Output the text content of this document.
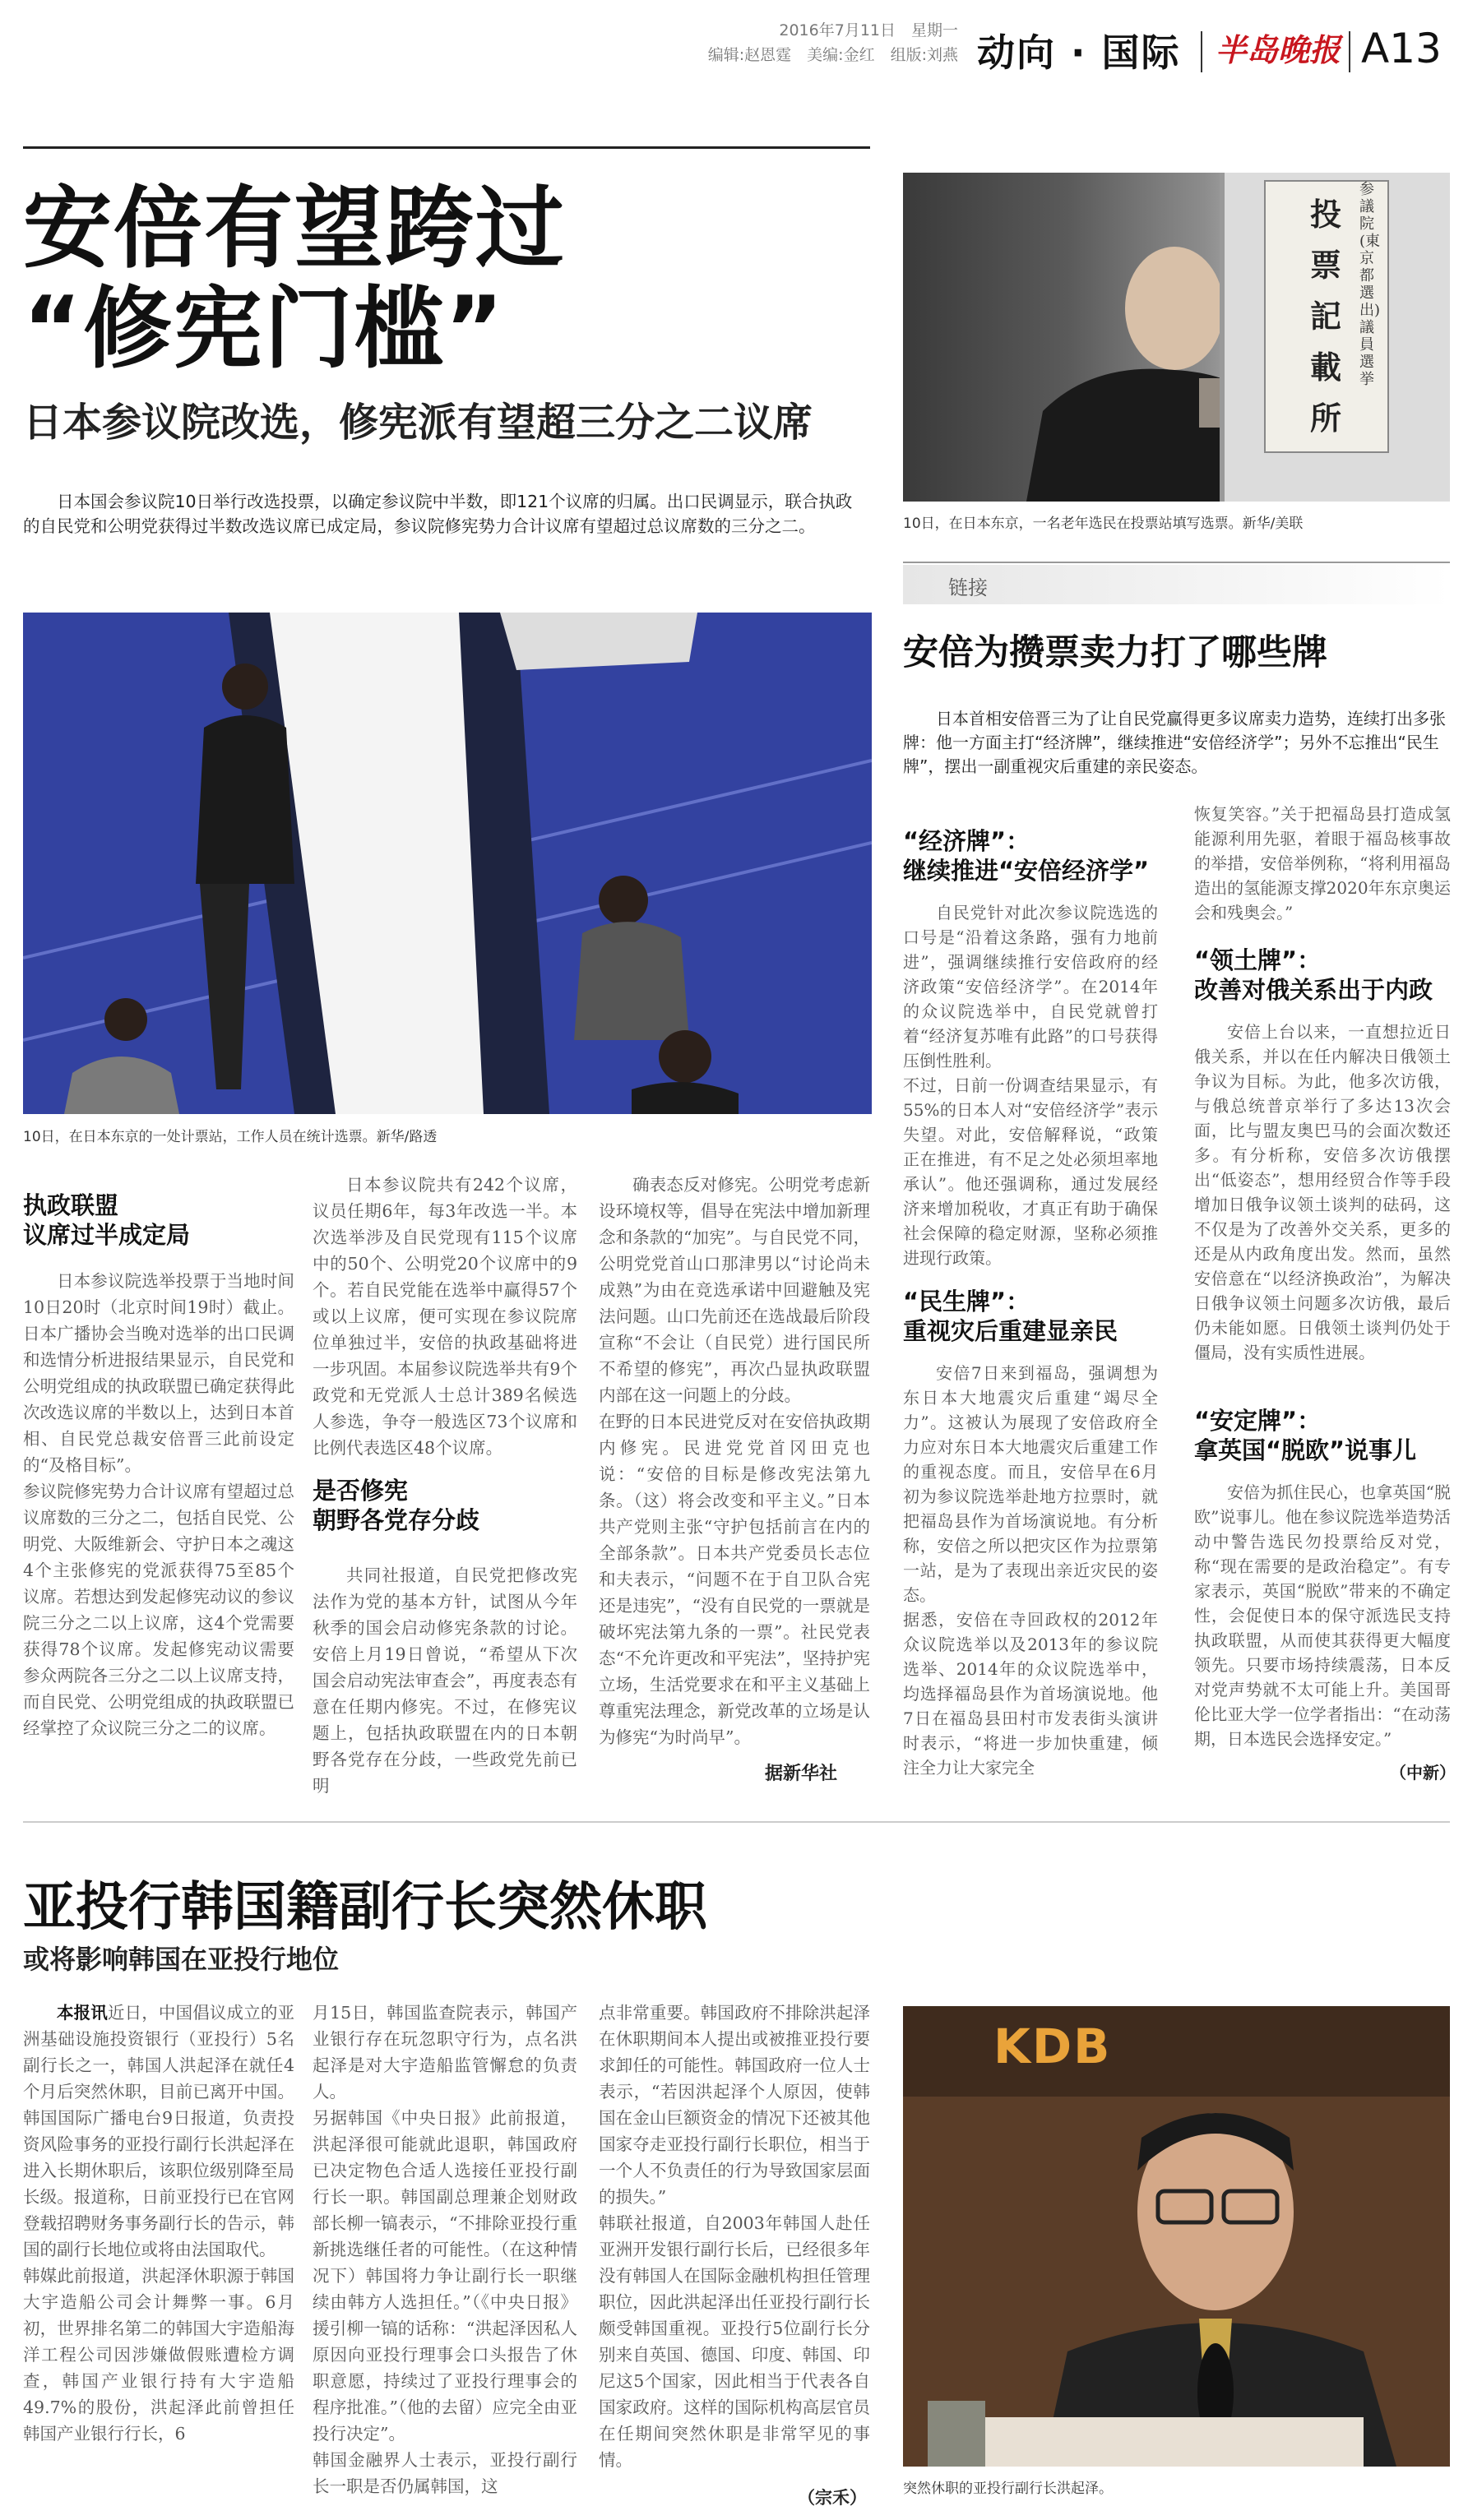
2016年7月11日　星期一
编辑:赵恩霆　美编:金红　组版:刘燕 动向 · 国际 半岛晚报 A13
安倍有望跨过
“修宪门槛”
日本参议院改选，修宪派有望超三分之二议席

日本国会参议院10日举行改选投票，以确定参议院中半数，即121个议席的归属。出口民调显示，联合执政的自民党和公明党获得过半数改选议席已成定局，参议院修宪势力合计议席有望超过总议席数的三分之二。

投票記載所
参議院(東京都選出)議員選挙
10日，在日本东京，一名老年选民在投票站填写选票。新华/美联
10日，在日本东京的一处计票站，工作人员在统计选票。新华/路透
执政联盟
议席过半成定局

日本参议院选举投票于当地时间10日20时（北京时间19时）截止。日本广播协会当晚对选举的出口民调和选情分析进报结果显示，自民党和公明党组成的执政联盟已确定获得此次改选议席的半数以上，达到日本首相、自民党总裁安倍晋三此前设定的“及格目标”。
参议院修宪势力合计议席有望超过总议席数的三分之二，包括自民党、公明党、大阪维新会、守护日本之魂这4个主张修宪的党派获得75至85个议席。若想达到发起修宪动议的参议院三分之二以上议席，这4个党需要获得78个议席。发起修宪动议需要参众两院各三分之二以上议席支持，而自民党、公明党组成的执政联盟已经掌控了众议院三分之二的议席。

日本参议院共有242个议席，议员任期6年，每3年改选一半。本次选举涉及自民党现有115个议席中的50个、公明党20个议席中的9个。若自民党能在选举中赢得57个或以上议席，便可实现在参议院席位单独过半，安倍的执政基础将进一步巩固。本届参议院选举共有9个政党和无党派人士总计389名候选人参选，争夺一般选区73个议席和比例代表选区48个议席。

是否修宪
朝野各党存分歧

共同社报道，自民党把修改宪法作为党的基本方针，试图从今年秋季的国会启动修宪条款的讨论。安倍上月19日曾说，“希望从下次国会启动宪法审查会”，再度表态有意在任期内修宪。不过，在修宪议题上，包括执政联盟在内的日本朝野各党存在分歧，一些政党先前已明

确表态反对修宪。公明党考虑新设环境权等，倡导在宪法中增加新理念和条款的“加宪”。与自民党不同，公明党党首山口那津男以“讨论尚未成熟”为由在竞选承诺中回避触及宪法问题。山口先前还在选战最后阶段宣称“不会让（自民党）进行国民所不希望的修宪”，再次凸显执政联盟内部在这一问题上的分歧。
在野的日本民进党反对在安倍执政期内修宪。民进党党首冈田克也说：“安倍的目标是修改宪法第九条。（这）将会改变和平主义。”日本共产党则主张“守护包括前言在内的全部条款”。日本共产党委员长志位和夫表示，“问题不在于自卫队合宪还是违宪”，“没有自民党的一票就是破坏宪法第九条的一票”。社民党表态“不允许更改和平宪法”，坚持护宪立场，生活党要求在和平主义基础上尊重宪法理念，新党改革的立场是认为修宪“为时尚早”。

据新华社
链接
安倍为攒票卖力打了哪些牌

日本首相安倍晋三为了让自民党赢得更多议席卖力造势，连续打出多张牌：他一方面主打“经济牌”，继续推进“安倍经济学”；另外不忘推出“民生牌”，摆出一副重视灾后重建的亲民姿态。

“经济牌”：
继续推进“安倍经济学”

自民党针对此次参议院选选的口号是“沿着这条路，强有力地前进”，强调继续推行安倍政府的经济政策“安倍经济学”。在2014年的众议院选举中，自民党就曾打着“经济复苏唯有此路”的口号获得压倒性胜利。
不过，日前一份调查结果显示，有55%的日本人对“安倍经济学”表示失望。对此，安倍解释说，“政策正在推进，有不足之处必须坦率地承认”。他还强调称，通过发展经济来增加税收，才真正有助于确保社会保障的稳定财源，坚称必须推进现行政策。

“民生牌”：
重视灾后重建显亲民

安倍7日来到福岛，强调想为东日本大地震灾后重建“竭尽全力”。这被认为展现了安倍政府全力应对东日本大地震灾后重建工作的重视态度。而且，安倍早在6月初为参议院选举赴地方拉票时，就把福岛县作为首场演说地。有分析称，安倍之所以把灾区作为拉票第一站，是为了表现出亲近灾民的姿态。
据悉，安倍在寺回政权的2012年众议院选举以及2013年的参议院选举、2014年的众议院选举中，均选择福岛县作为首场演说地。他7日在福岛县田村市发表街头演讲时表示，“将进一步加快重建，倾注全力让大家完全

恢复笑容。”关于把福岛县打造成氢能源利用先驱，着眼于福岛核事故的举措，安倍举例称，“将利用福岛造出的氢能源支撑2020年东京奥运会和残奥会。”

“领土牌”：
改善对俄关系出于内政

安倍上台以来，一直想拉近日俄关系，并以在任内解决日俄领土争议为目标。为此，他多次访俄，与俄总统普京举行了多达13次会面，比与盟友奥巴马的会面次数还多。有分析称，安倍多次访俄摆出“低姿态”，想用经贸合作等手段增加日俄争议领土谈判的砝码，这不仅是为了改善外交关系，更多的还是从内政角度出发。然而，虽然安倍意在“以经济换政治”，为解决日俄争议领土问题多次访俄，最后仍未能如愿。日俄领土谈判仍处于僵局，没有实质性进展。

“安定牌”：
拿英国“脱欧”说事儿

安倍为抓住民心，也拿英国“脱欧”说事儿。他在参议院选举造势活动中警告选民勿投票给反对党，称“现在需要的是政治稳定”。有专家表示，英国“脱欧”带来的不确定性，会促使日本的保守派选民支持执政联盟，从而使其获得更大幅度领先。只要市场持续震荡，日本反对党声势就不太可能上升。美国哥伦比亚大学一位学者指出：“在动荡期，日本选民会选择安定。”

（中新）
亚投行韩国籍副行长突然休职
或将影响韩国在亚投行地位

本报讯近日，中国倡议成立的亚洲基础设施投资银行（亚投行）5名副行长之一，韩国人洪起泽在就任4个月后突然休职，目前已离开中国。韩国国际广播电台9日报道，负责投资风险事务的亚投行副行长洪起泽在进入长期休职后，该职位级别降至局长级。报道称，日前亚投行已在官网登载招聘财务事务副行长的告示，韩国的副行长地位或将由法国取代。
韩媒此前报道，洪起泽休职源于韩国大宇造船公司会计舞弊一事。6月初，世界排名第二的韩国大宇造船海洋工程公司因涉嫌做假账遭检方调查，韩国产业银行持有大宇造船49.7%的股份，洪起泽此前曾担任韩国产业银行行长，6

月15日，韩国监查院表示，韩国产业银行存在玩忽职守行为，点名洪起泽是对大宇造船监管懈怠的负责人。
另据韩国《中央日报》此前报道，洪起泽很可能就此退职，韩国政府已决定物色合适人选接任亚投行副行长一职。韩国副总理兼企划财政部长柳一镐表示，“不排除亚投行重新挑选继任者的可能性。（在这种情况下）韩国将力争让副行长一职继续由韩方人选担任。”（《中央日报》援引柳一镐的话称：“洪起泽因私人原因向亚投行理事会口头报告了休职意愿，持续过了亚投行理事会的程序批准。”（他的去留）应完全由亚投行决定”。
韩国金融界人士表示，亚投行副行长一职是否仍属韩国，这

点非常重要。韩国政府不排除洪起泽在休职期间本人提出或被推亚投行要求卸任的可能性。韩国政府一位人士表示，“若因洪起泽个人原因，使韩国在金山巨额资金的情况下还被其他国家夺走亚投行副行长职位，相当于一个人不负责任的行为导致国家层面的损失。”
韩联社报道，自2003年韩国人赴任亚洲开发银行副行长后，已经很多年没有韩国人在国际金融机构担任管理职位，因此洪起泽出任亚投行副行长颇受韩国重视。亚投行5位副行长分别来自英国、德国、印度、韩国、印尼这5个国家，因此相当于代表各自国家政府。这样的国际机构高层官员在任期间突然休职是非常罕见的事情。

（宗禾）
KDB
突然休职的亚投行副行长洪起泽。
